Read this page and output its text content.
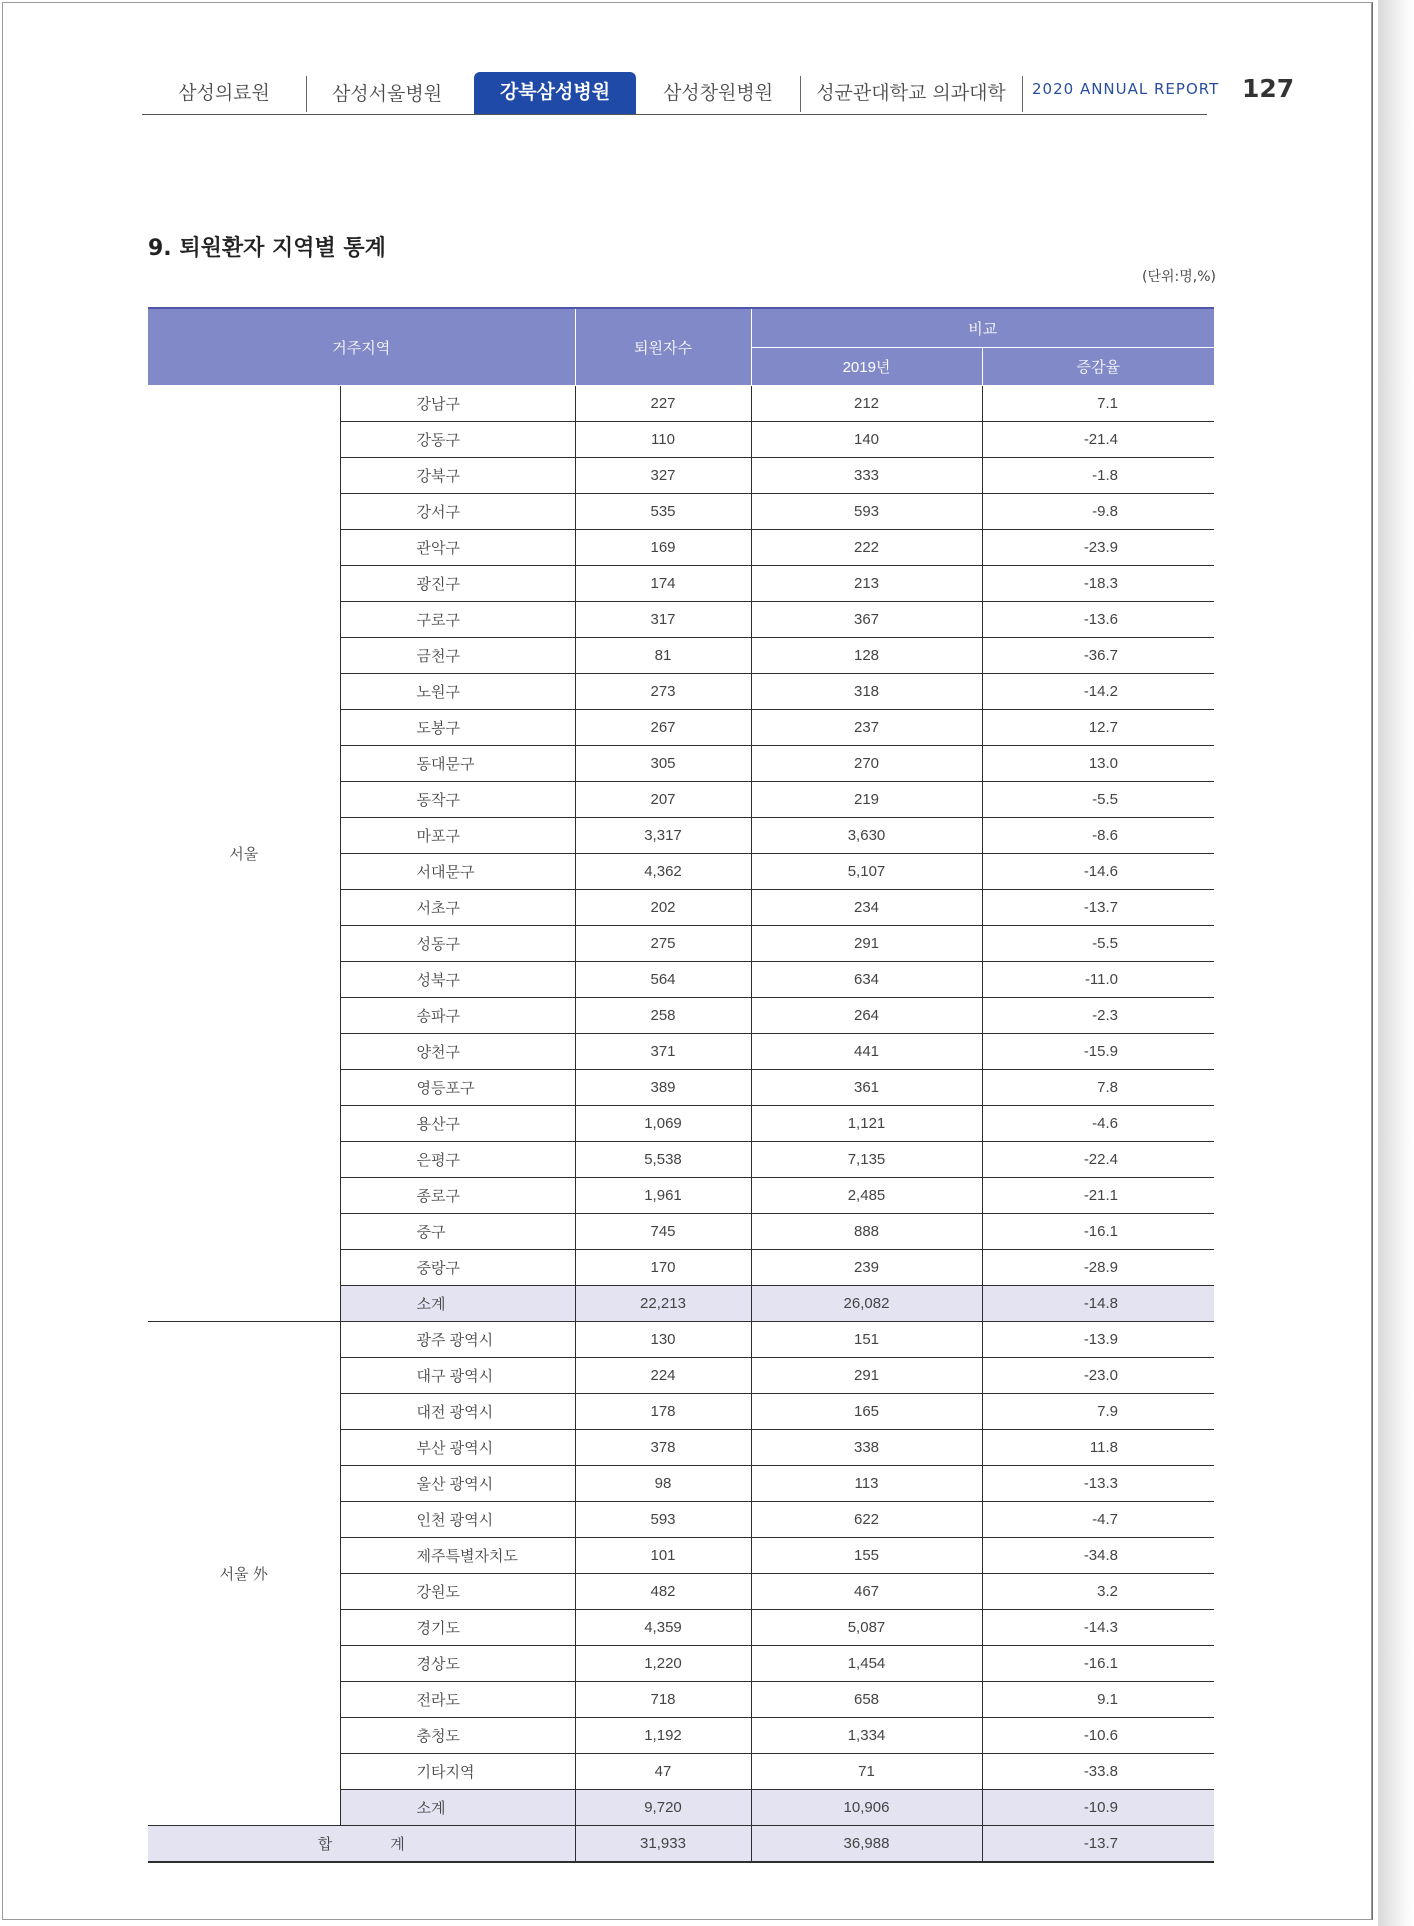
삼성의료원	삼성서울병원	강북삼성병원	삼성창원병원	성균관대학교 의과대학	2020 ANNUAL REPORT 127
9. 퇴원환자 지역별 통계
(단위:명,%)
거주지역		퇴원자수	비교	
			2019년	증감율
서울	강남구	227	212	7.1
	강동구	110	140	-21.4
	강북구	327	333	-1.8
	강서구	535	593	-9.8
	관악구	169	222	-23.9
	광진구	174	213	-18.3
	구로구	317	367	-13.6
	금천구	81	128	-36.7
	노원구	273	318	-14.2
	도봉구	267	237	12.7
	동대문구	305	270	13.0
	동작구	207	219	-5.5
	마포구	3,317	3,630	-8.6
	서대문구	4,362	5,107	-14.6
	서초구	202	234	-13.7
	성동구	275	291	-5.5
	성북구	564	634	-11.0
	송파구	258	264	-2.3
	양천구	371	441	-15.9
	영등포구	389	361	7.8
	용산구	1,069	1,121	-4.6
	은평구	5,538	7,135	-22.4
	종로구	1,961	2,485	-21.1
	중구	745	888	-16.1
	중랑구	170	239	-28.9
	소계	22,213	26,082	-14.8
서울 外	광주 광역시	130	151	-13.9
	대구 광역시	224	291	-23.0
	대전 광역시	178	165	7.9
	부산 광역시	378	338	11.8
	울산 광역시	98	113	-13.3
	인천 광역시	593	622	-4.7
	제주특별자치도	101	155	-34.8
	강원도	482	467	3.2
	경기도	4,359	5,087	-14.3
	경상도	1,220	1,454	-16.1
	전라도	718	658	9.1
	충청도	1,192	1,334	-10.6
	기타지역	47	71	-33.8
	소계	9,720	10,906	-10.9
합 계		31,933	36,988	-13.7
